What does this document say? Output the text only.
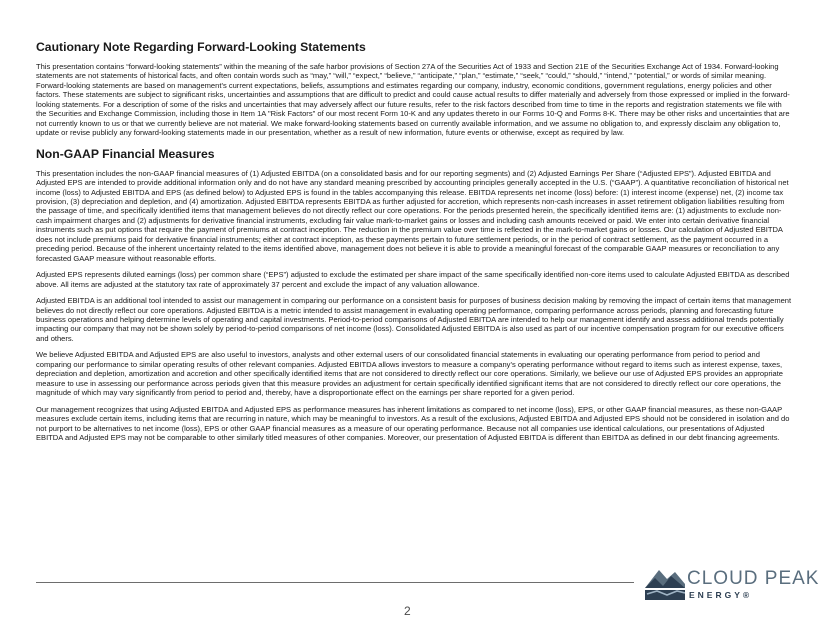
Cautionary Note Regarding Forward-Looking Statements

This presentation contains “forward-looking statements” within the meaning of the safe harbor provisions of Section 27A of the Securities Act of 1933 and Section 21E of the Securities Exchange Act of 1934. Forward-looking statements are not statements of historical facts, and often contain words such as “may,” “will,” “expect,” “believe,” “anticipate,” “plan,” “estimate,” “seek,” “could,” “should,” “intend,” “potential,” or words of similar meaning. Forward-looking statements are based on management’s current expectations, beliefs, assumptions and estimates regarding our company, industry, economic conditions, government regulations, energy policies and other factors. These statements are subject to significant risks, uncertainties and assumptions that are difficult to predict and could cause actual results to differ materially and adversely from those expressed or implied in the forward-looking statements. For a description of some of the risks and uncertainties that may adversely affect our future results, refer to the risk factors described from time to time in the reports and registration statements we file with the Securities and Exchange Commission, including those in Item 1A "Risk Factors" of our most recent Form 10-K and any updates thereto in our Forms 10-Q and Forms 8-K. There may be other risks and uncertainties that are not currently known to us or that we currently believe are not material. We make forward-looking statements based on currently available information, and we assume no obligation to, and expressly disclaim any obligation to, update or revise publicly any forward-looking statements made in our presentation, whether as a result of new information, future events or otherwise, except as required by law.

Non-GAAP Financial Measures

This presentation includes the non-GAAP financial measures of (1) Adjusted EBITDA (on a consolidated basis and for our reporting segments) and (2) Adjusted Earnings Per Share (“Adjusted EPS”). Adjusted EBITDA and Adjusted EPS are intended to provide additional information only and do not have any standard meaning prescribed by accounting principles generally accepted in the U.S. (“GAAP”). A quantitative reconciliation of historical net income (loss) to Adjusted EBITDA and EPS (as defined below) to Adjusted EPS is found in the tables accompanying this release. EBITDA represents net income (loss) before: (1) interest income (expense) net, (2) income tax provision, (3) depreciation and depletion, and (4) amortization. Adjusted EBITDA represents EBITDA as further adjusted for accretion, which represents non-cash increases in asset retirement obligation liabilities resulting from the passage of time, and specifically identified items that management believes do not directly reflect our core operations. For the periods presented herein, the specifically identified items are: (1) adjustments to exclude non-cash impairment charges and (2) adjustments for derivative financial instruments, excluding fair value mark-to-market gains or losses and including cash amounts received or paid. We enter into certain derivative financial instruments such as put options that require the payment of premiums at contract inception. The reduction in the premium value over time is reflected in the mark-to-market gains or losses. Our calculation of Adjusted EBITDA does not include premiums paid for derivative financial instruments; either at contract inception, as these payments pertain to future settlement periods, or in the period of contract settlement, as the payment occurred in a preceding period. Because of the inherent uncertainty related to the items identified above, management does not believe it is able to provide a meaningful forecast of the comparable GAAP measures or reconciliation to any forecasted GAAP measure without reasonable efforts.

Adjusted EPS represents diluted earnings (loss) per common share (“EPS”) adjusted to exclude the estimated per share impact of the same specifically identified non-core items used to calculate Adjusted EBITDA as described above. All items are adjusted at the statutory tax rate of approximately 37 percent and exclude the impact of any valuation allowance.

Adjusted EBITDA is an additional tool intended to assist our management in comparing our performance on a consistent basis for purposes of business decision making by removing the impact of certain items that management believes do not directly reflect our core operations. Adjusted EBITDA is a metric intended to assist management in evaluating operating performance, comparing performance across periods, planning and forecasting future business operations and helping determine levels of operating and capital investments. Period-to-period comparisons of Adjusted EBITDA are intended to help our management identify and assess additional trends potentially impacting our company that may not be shown solely by period-to-period comparisons of net income (loss). Consolidated Adjusted EBITDA is also used as part of our incentive compensation program for our executive officers and others.

We believe Adjusted EBITDA and Adjusted EPS are also useful to investors, analysts and other external users of our consolidated financial statements in evaluating our operating performance from period to period and comparing our performance to similar operating results of other relevant companies. Adjusted EBITDA allows investors to measure a company’s operating performance without regard to items such as interest expense, taxes, depreciation and depletion, amortization and accretion and other specifically identified items that are not considered to directly reflect our core operations. Similarly, we believe our use of Adjusted EPS provides an appropriate measure to use in assessing our performance across periods given that this measure provides an adjustment for certain specifically identified significant items that are not considered to directly reflect our core operations, the magnitude of which may vary significantly from period to period and, thereby, have a disproportionate effect on the earnings per share reported for a given period.

Our management recognizes that using Adjusted EBITDA and Adjusted EPS as performance measures has inherent limitations as compared to net income (loss), EPS, or other GAAP financial measures, as these non-GAAP measures exclude certain items, including items that are recurring in nature, which may be meaningful to investors. As a result of the exclusions, Adjusted EBITDA and Adjusted EPS should not be considered in isolation and do not purport to be alternatives to net income (loss), EPS or other GAAP financial measures as a measure of our operating performance. Because not all companies use identical calculations, our presentations of Adjusted EBITDA and Adjusted EPS may not be comparable to other similarly titled measures of other companies. Moreover, our presentation of Adjusted EBITDA is different than EBITDA as defined in our debt financing agreements.

2
CLOUD PEAK
ENERGY®
